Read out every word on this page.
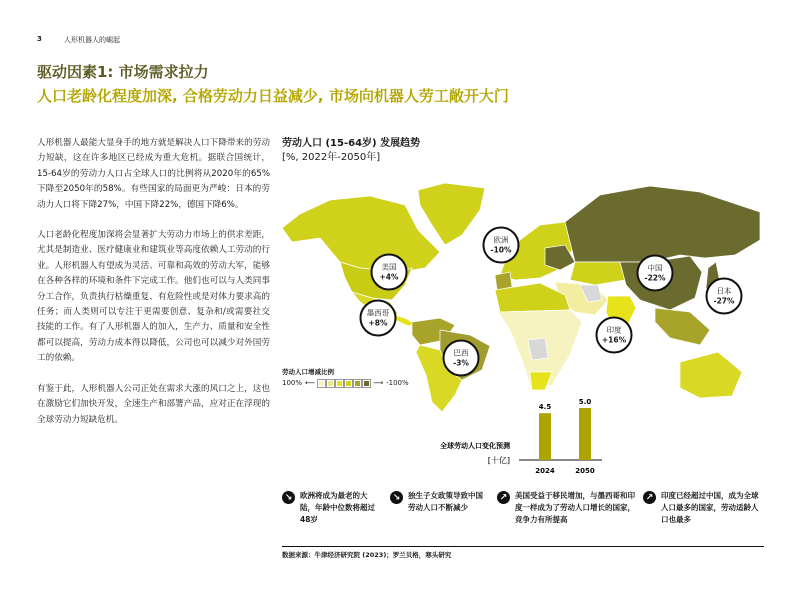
3	人形机器人的崛起
驱动因素1: 市场需求拉力
人口老龄化程度加深, 合格劳动力日益减少, 市场向机器人劳工敞开大门

人形机器人最能大显身手的地方就是解决人口下降带来的劳动力短缺，这在许多地区已经成为重大危机。据联合国统计，15-64岁的劳动力人口占全球人口的比例将从2020年的65%下降至2050年的58%。有些国家的局面更为严峻：日本的劳动力人口将下降27%，中国下降22%，德国下降6%。

人口老龄化程度加深将会显著扩大劳动力市场上的供求差距，尤其是制造业、医疗健康业和建筑业等高度依赖人工劳动的行业。人形机器人有望成为灵活、可靠和高效的劳动大军，能够在各种各样的环境和条件下完成工作。他们也可以与人类同事分工合作，负责执行枯燥重复、有危险性或是对体力要求高的任务；而人类则可以专注于更需要创意、复杂和/或需要社交技能的工作。有了人形机器人的加入，生产力、质量和安全性都可以提高，劳动力成本得以降低，公司也可以减少对外国劳工的依赖。

有鉴于此，人形机器人公司正处在需求大涨的风口之上，这也在激励它们加快开发，全速生产和部署产品，应对正在浮现的全球劳动力短缺危机。

劳动人口 (15-64岁) 发展趋势
[%, 2022年-2050年]
欧洲
-10%
美国
+4%
墨西哥
+8%
巴西
-3%
中国
-22%
日本
-27%
印度
+16%
劳动人口增减比例
100% ⟵	⟶ -100%
全球劳动人口变化预测
[十亿]
4.5
2024
5.0
2050
↘	欧洲将成为最老的大陆，年龄中位数将超过48岁
↘	独生子女政策导致中国劳动人口不断减少
↗	美国受益于移民增加，与墨西哥和印度一样成为了劳动人口增长的国家，竞争力有所提高
↗	印度已经超过中国，成为全球人口最多的国家，劳动适龄人口也最多
数据来源：牛津经济研究院 (2023)；罗兰贝格，寒头研究
